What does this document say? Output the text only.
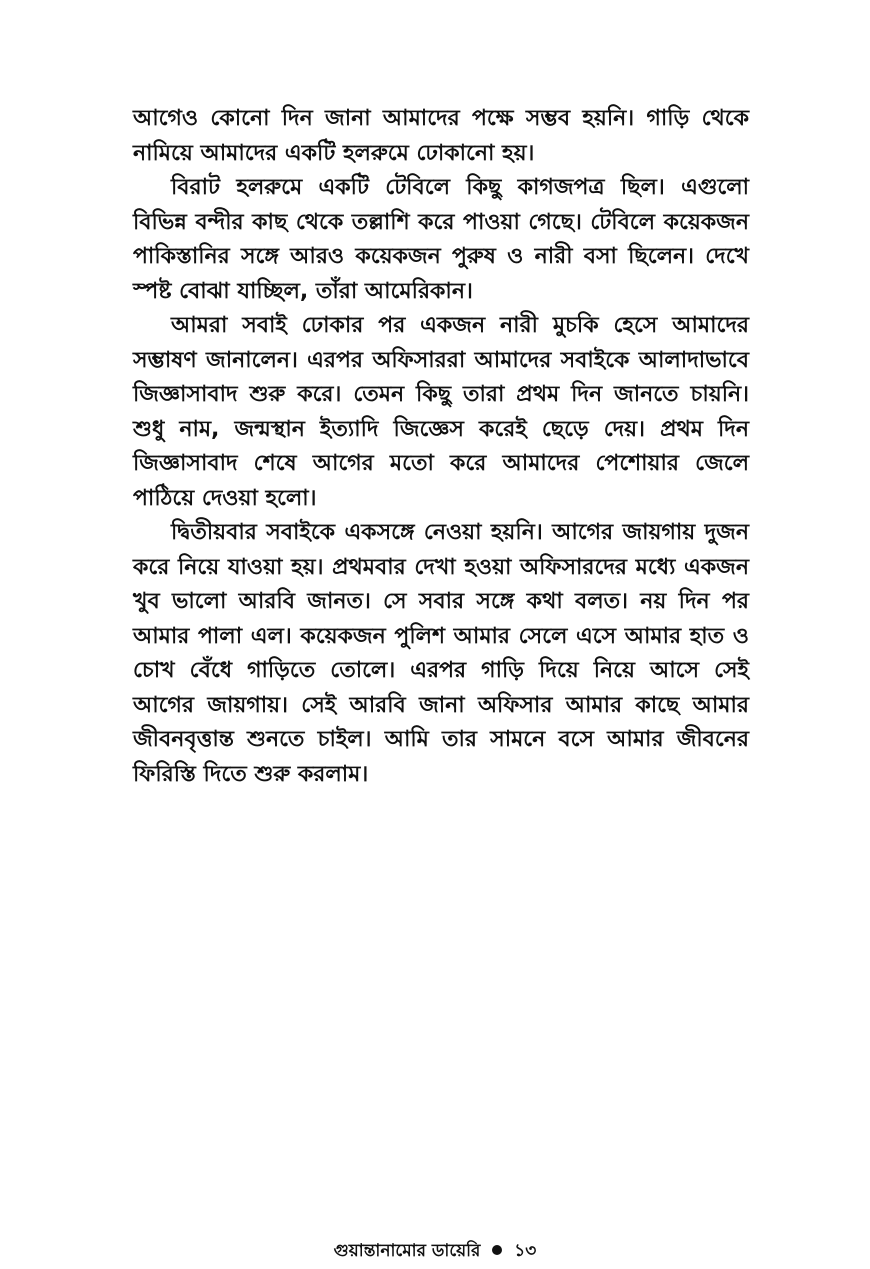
আগেও কোনো দিন জানা আমাদের পক্ষে সম্ভব হয়নি। গাড়ি থেকে নামিয়ে আমাদের একটি হলরুমে ঢোকানো হয়।

বিরাট হলরুমে একটি টেবিলে কিছু কাগজপত্র ছিল। এগুলো বিভিন্ন বন্দীর কাছ থেকে তল্লাশি করে পাওয়া গেছে। টেবিলে কয়েকজন পাকিস্তানির সঙ্গে আরও কয়েকজন পুরুষ ও নারী বসা ছিলেন। দেখে স্পষ্ট বোঝা যাচ্ছিল, তাঁরা আমেরিকান।

আমরা সবাই ঢোকার পর একজন নারী মুচকি হেসে আমাদের সম্ভাষণ জানালেন। এরপর অফিসাররা আমাদের সবাইকে আলাদাভাবে জিজ্ঞাসাবাদ শুরু করে। তেমন কিছু তারা প্রথম দিন জানতে চায়নি। শুধু নাম, জন্মস্থান ইত্যাদি জিজ্ঞেস করেই ছেড়ে দেয়। প্রথম দিন জিজ্ঞাসাবাদ শেষে আগের মতো করে আমাদের পেশোয়ার জেলে পাঠিয়ে দেওয়া হলো।

দ্বিতীয়বার সবাইকে একসঙ্গে নেওয়া হয়নি। আগের জায়গায় দুজন করে নিয়ে যাওয়া হয়। প্রথমবার দেখা হওয়া অফিসারদের মধ্যে একজন খুব ভালো আরবি জানত। সে সবার সঙ্গে কথা বলত। নয় দিন পর আমার পালা এল। কয়েকজন পুলিশ আমার সেলে এসে আমার হাত ও চোখ বেঁধে গাড়িতে তোলে। এরপর গাড়ি দিয়ে নিয়ে আসে সেই আগের জায়গায়। সেই আরবি জানা অফিসার আমার কাছে আমার জীবনবৃত্তান্ত শুনতে চাইল। আমি তার সামনে বসে আমার জীবনের ফিরিস্তি দিতে শুরু করলাম।

গুয়ান্তানামোর ডায়েরি ১৩
